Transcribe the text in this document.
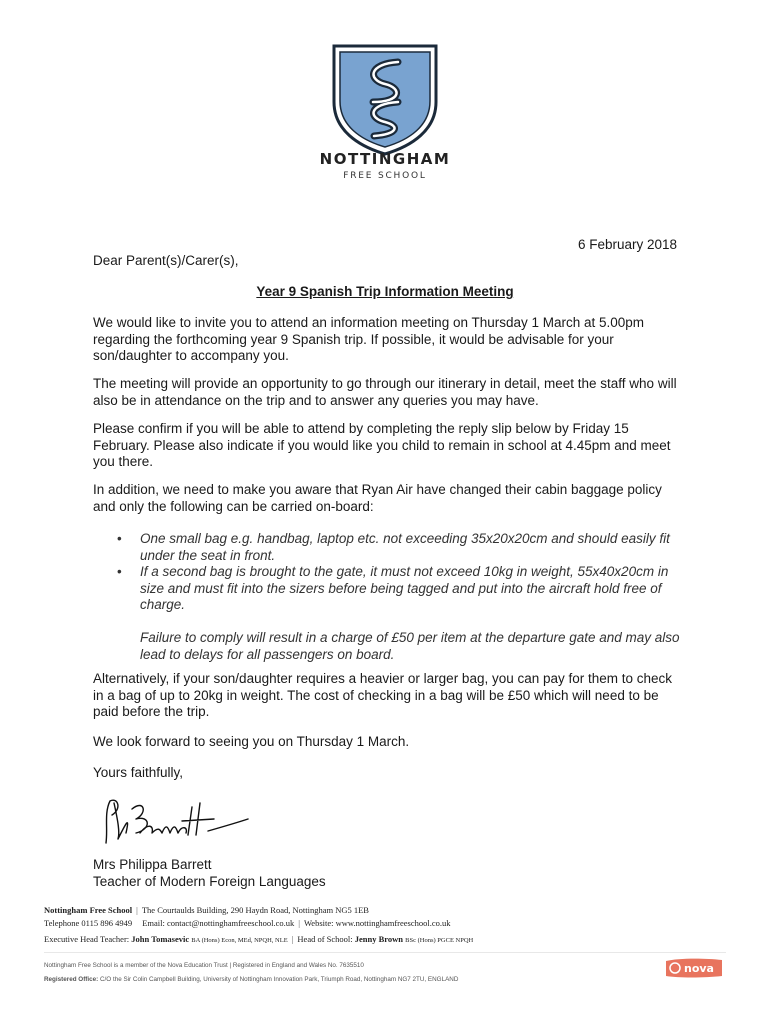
NOTTINGHAM
FREE SCHOOL
6 February 2018
Dear Parent(s)/Carer(s),
Year 9 Spanish Trip Information Meeting
We would like to invite you to attend an information meeting on Thursday 1 March at 5.00pm regarding the forthcoming year 9 Spanish trip. If possible, it would be advisable for your son/daughter to accompany you.
The meeting will provide an opportunity to go through our itinerary in detail, meet the staff who will also be in attendance on the trip and to answer any queries you may have.
Please confirm if you will be able to attend by completing the reply slip below by Friday 15 February. Please also indicate if you would like you child to remain in school at 4.45pm and meet you there.
In addition, we need to make you aware that Ryan Air have changed their cabin baggage policy and only the following can be carried on-board:
• One small bag e.g. handbag, laptop etc. not exceeding 35x20x20cm and should easily fit under the seat in front.
• If a second bag is brought to the gate, it must not exceed 10kg in weight, 55x40x20cm in size and must fit into the sizers before being tagged and put into the aircraft hold free of charge.
Failure to comply will result in a charge of £50 per item at the departure gate and may also lead to delays for all passengers on board.
Alternatively, if your son/daughter requires a heavier or larger bag, you can pay for them to check in a bag of up to 20kg in weight. The cost of checking in a bag will be £50 which will need to be paid before the trip.
We look forward to seeing you on Thursday 1 March.
Yours faithfully,
Mrs Philippa Barrett
Teacher of Modern Foreign Languages
Nottingham Free School | The Courtaulds Building, 290 Haydn Road, Nottingham NG5 1EB
Telephone 0115 896 4949 Email: contact@nottinghamfreeschool.co.uk | Website: www.nottinghamfreeschool.co.uk
Executive Head Teacher: John Tomasevic BA (Hons) Econ, MEd, NPQH, NLE | Head of School: Jenny Brown BSc (Hons) PGCE NPQH
Nottingham Free School is a member of the Nova Education Trust | Registered in England and Wales No. 7635510
Registered Office: C/O the Sir Colin Campbell Building, University of Nottingham Innovation Park, Triumph Road, Nottingham NG7 2TU, ENGLAND
nova
